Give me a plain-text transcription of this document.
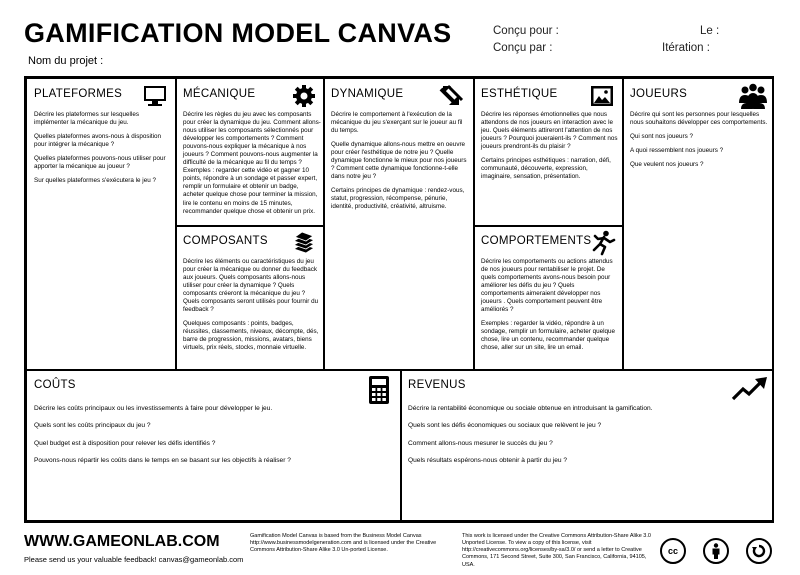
GAMIFICATION MODEL CANVAS
Nom du projet :
Conçu pour :
Conçu par :
Le :
Itération :
PLATEFORMES

Décrire les plateformes sur lesquelles implémenter la mécanique du jeu.

Quelles plateformes avons-nous à disposition pour intégrer la mécanique ?

Quelles plateformes pouvons-nous utiliser pour apporter la mécanique au joueur ?

Sur quelles plateformes s'exécutera le jeu ?

MÉCANIQUE

Décrire les règles du jeu avec les composants pour créer la dynamique du jeu. Comment allons-nous utiliser les composants sélectionnés pour développer les comportements ? Comment pouvons-nous expliquer la mécanique à nos joueurs ? Comment pouvons-nous augmenter la difficulté de la mécanique au fil du temps ? Exemples : regarder cette vidéo et gagner 10 points, répondre à un sondage et passer expert, remplir un formulaire et obtenir un badge, acheter quelque chose pour terminer la mission, lire le contenu en moins de 15 minutes, recommander quelque chose et obtenir un prix.

COMPOSANTS

Décrire les éléments ou caractéristiques du jeu pour créer la mécanique ou donner du feedback aux joueurs. Quels composants allons-nous utiliser pour créer la dynamique ? Quels composants créeront la mécanique du jeu ? Quels composants seront utilisés pour fournir du feedback ?

Quelques composants : points, badges, réussites, classements, niveaux, décompte, dés, barre de progression, missions, avatars, biens virtuels, prix réels, stocks, monnaie virtuelle.

DYNAMIQUE

Décrire le comportement à l'exécution de la mécanique du jeu s'exerçant sur le joueur au fil du temps.

Quelle dynamique allons-nous mettre en oeuvre pour créer l'esthétique de notre jeu ? Quelle dynamique fonctionne le mieux pour nos joueurs ? Comment cette dynamique fonctionne-t-elle dans notre jeu ?

Certains principes de dynamique : rendez-vous, statut, progression, récompense, pénurie, identité, productivité, créativité, altruisme.

ESTHÉTIQUE

Décrire les réponses émotionnelles que nous attendons de nos joueurs en interaction avec le jeu. Quels éléments attireront l'attention de nos joueurs ? Pourquoi joueraient-ils ? Comment nos joueurs prendront-ils du plaisir ?

Certains principes esthétiques : narration, défi, communauté, découverte, expression, imaginaire, sensation, présentation.

COMPORTEMENTS

Décrire les comportements ou actions attendus de nos joueurs pour rentabiliser le projet. De quels comportements avons-nous besoin pour améliorer les défis du jeu ? Quels comportements aimeraient développer nos joueurs . Quels comportement peuvent être améliorés ?

Exemples : regarder la vidéo, répondre à un sondage, remplir un formulaire, acheter quelque chose, lire un contenu, recommander quelque chose, aller sur un site, lire un email.

JOUEURS

Décrire qui sont les personnes pour lesquelles nous souhaitons développer ces comportements.

Qui sont nos joueurs ?

A quoi ressemblent nos joueurs ?

Que veulent nos joueurs ?

COÛTS

Décrire les coûts principaux ou les investissements à faire pour développer le jeu.

Quels sont les coûts principaux du jeu ?

Quel budget est à disposition pour relever les défis identifiés ?

Pouvons-nous répartir les coûts dans le temps en se basant sur les objectifs à réaliser ?

REVENUS

Décrire la rentabilité économique ou sociale obtenue en introduisant la gamification.

Quels sont les défis économiques ou sociaux que relèvent le jeu ?

Comment allons-nous mesurer le succès du jeu ?

Quels résultats espérons-nous obtenir à partir du jeu ?

WWW.GAMEONLAB.COM
Please send us your valuable feedback! canvas@gameonlab.com
Gamification Model Canvas is based from the Business Model Canvas http://www.businessmodelgeneration.com and is licensed under the Creative Commons Attribution-Share Alike 3.0 Un-ported License.
This work is licensed under the Creative Commons Attribution-Share Alike 3.0 Unported License. To view a copy of this license, visit http://creativecommons.org/licenses/by-sa/3.0/ or send a letter to Creative Commons, 171 Second Street, Suite 300, San Francisco, California, 94105, USA.
cc
